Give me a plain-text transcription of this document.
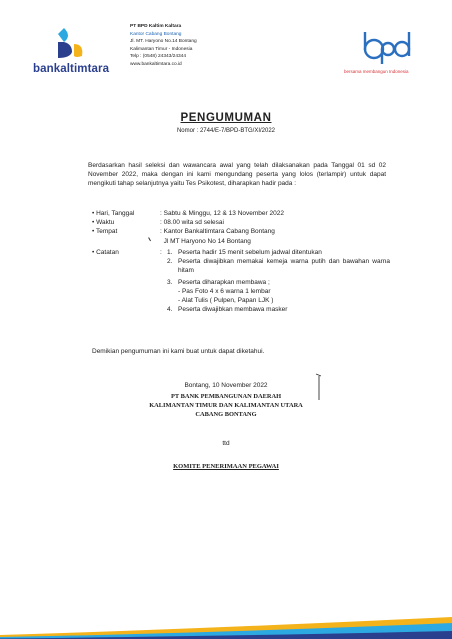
bankaltimtara
PT BPD Kaltim Kaltara
Kantor Cabang Bontang
Jl. MT. Haryono No.14 Bontang
Kalimantan Timur - Indonesia
Telp : (0548) 24343/24344
www.bankaltimtara.co.id
bersama membangun Indonesia
PENGUMUMAN
Nomor : 2744/E-7/BPD-BTG/XI/2022
Berdasarkan hasil seleksi dan wawancara awal yang telah dilaksanakan pada Tanggal 01 sd 02 November 2022, maka dengan ini kami mengundang peserta yang lolos (terlampir) untuk dapat mengikuti tahap selanjutnya yaitu Tes Psikotest, diharapkan hadir pada :
• Hari, Tanggal	: Sabtu & Minggu, 12 & 13 November 2022
• Waktu	: 08.00 wita sd selesai
• Tempat	: Kantor Bankaltimtara Cabang Bontang
Jl MT Haryono No 14 Bontang
• Catatan	: 1. Peserta hadir 15 menit sebelum jadwal ditentukan
2. Peserta diwajibkan memakai kemeja warna putih dan bawahan warna hitam
3. Peserta diharapkan membawa ;
- Pas Foto 4 x 6 warna 1 lembar
- Alat Tulis ( Pulpen, Papan LJK )
4. Peserta diwajibkan membawa masker
Demikian pengumuman ini kami buat untuk dapat diketahui.
Bontang, 10 November 2022
PT BANK PEMBANGUNAN DAERAH
KALIMANTAN TIMUR DAN KALIMANTAN UTARA
CABANG BONTANG
ttd
KOMITE PENERIMAAN PEGAWAI
